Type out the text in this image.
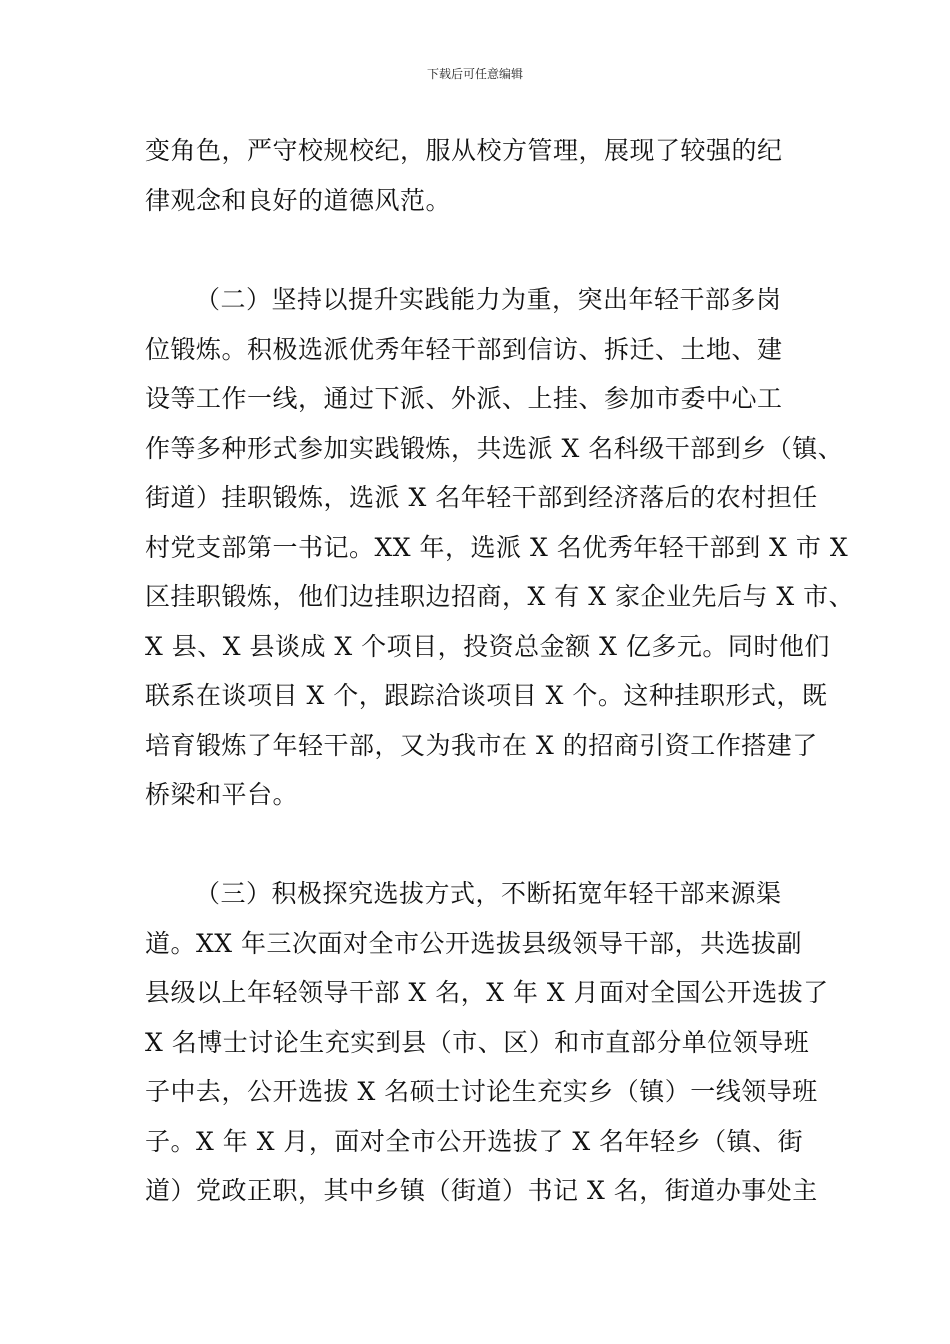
下载后可任意编辑
变角色，严守校规校纪，服从校方管理，展现了较强的纪
律观念和良好的道德风范。
（二）坚持以提升实践能力为重，突出年轻干部多岗
位锻炼。积极选派优秀年轻干部到信访、拆迁、土地、建
设等工作一线，通过下派、外派、上挂、参加市委中心工
作等多种形式参加实践锻炼，共选派 X 名科级干部到乡（镇、
街道）挂职锻炼，选派 X 名年轻干部到经济落后的农村担任
村党支部第一书记。XX 年，选派 X 名优秀年轻干部到 X 市 X
区挂职锻炼，他们边挂职边招商，X 有 X 家企业先后与 X 市、
X 县、X 县谈成 X 个项目，投资总金额 X 亿多元。同时他们
联系在谈项目 X 个，跟踪洽谈项目 X 个。这种挂职形式，既
培育锻炼了年轻干部，又为我市在 X 的招商引资工作搭建了
桥梁和平台。
（三）积极探究选拔方式，不断拓宽年轻干部来源渠
道。XX 年三次面对全市公开选拔县级领导干部，共选拔副
县级以上年轻领导干部 X 名，X 年 X 月面对全国公开选拔了
X 名博士讨论生充实到县（市、区）和市直部分单位领导班
子中去，公开选拔 X 名硕士讨论生充实乡（镇）一线领导班
子。X 年 X 月，面对全市公开选拔了 X 名年轻乡（镇、街
道）党政正职，其中乡镇（街道）书记 X 名，街道办事处主
